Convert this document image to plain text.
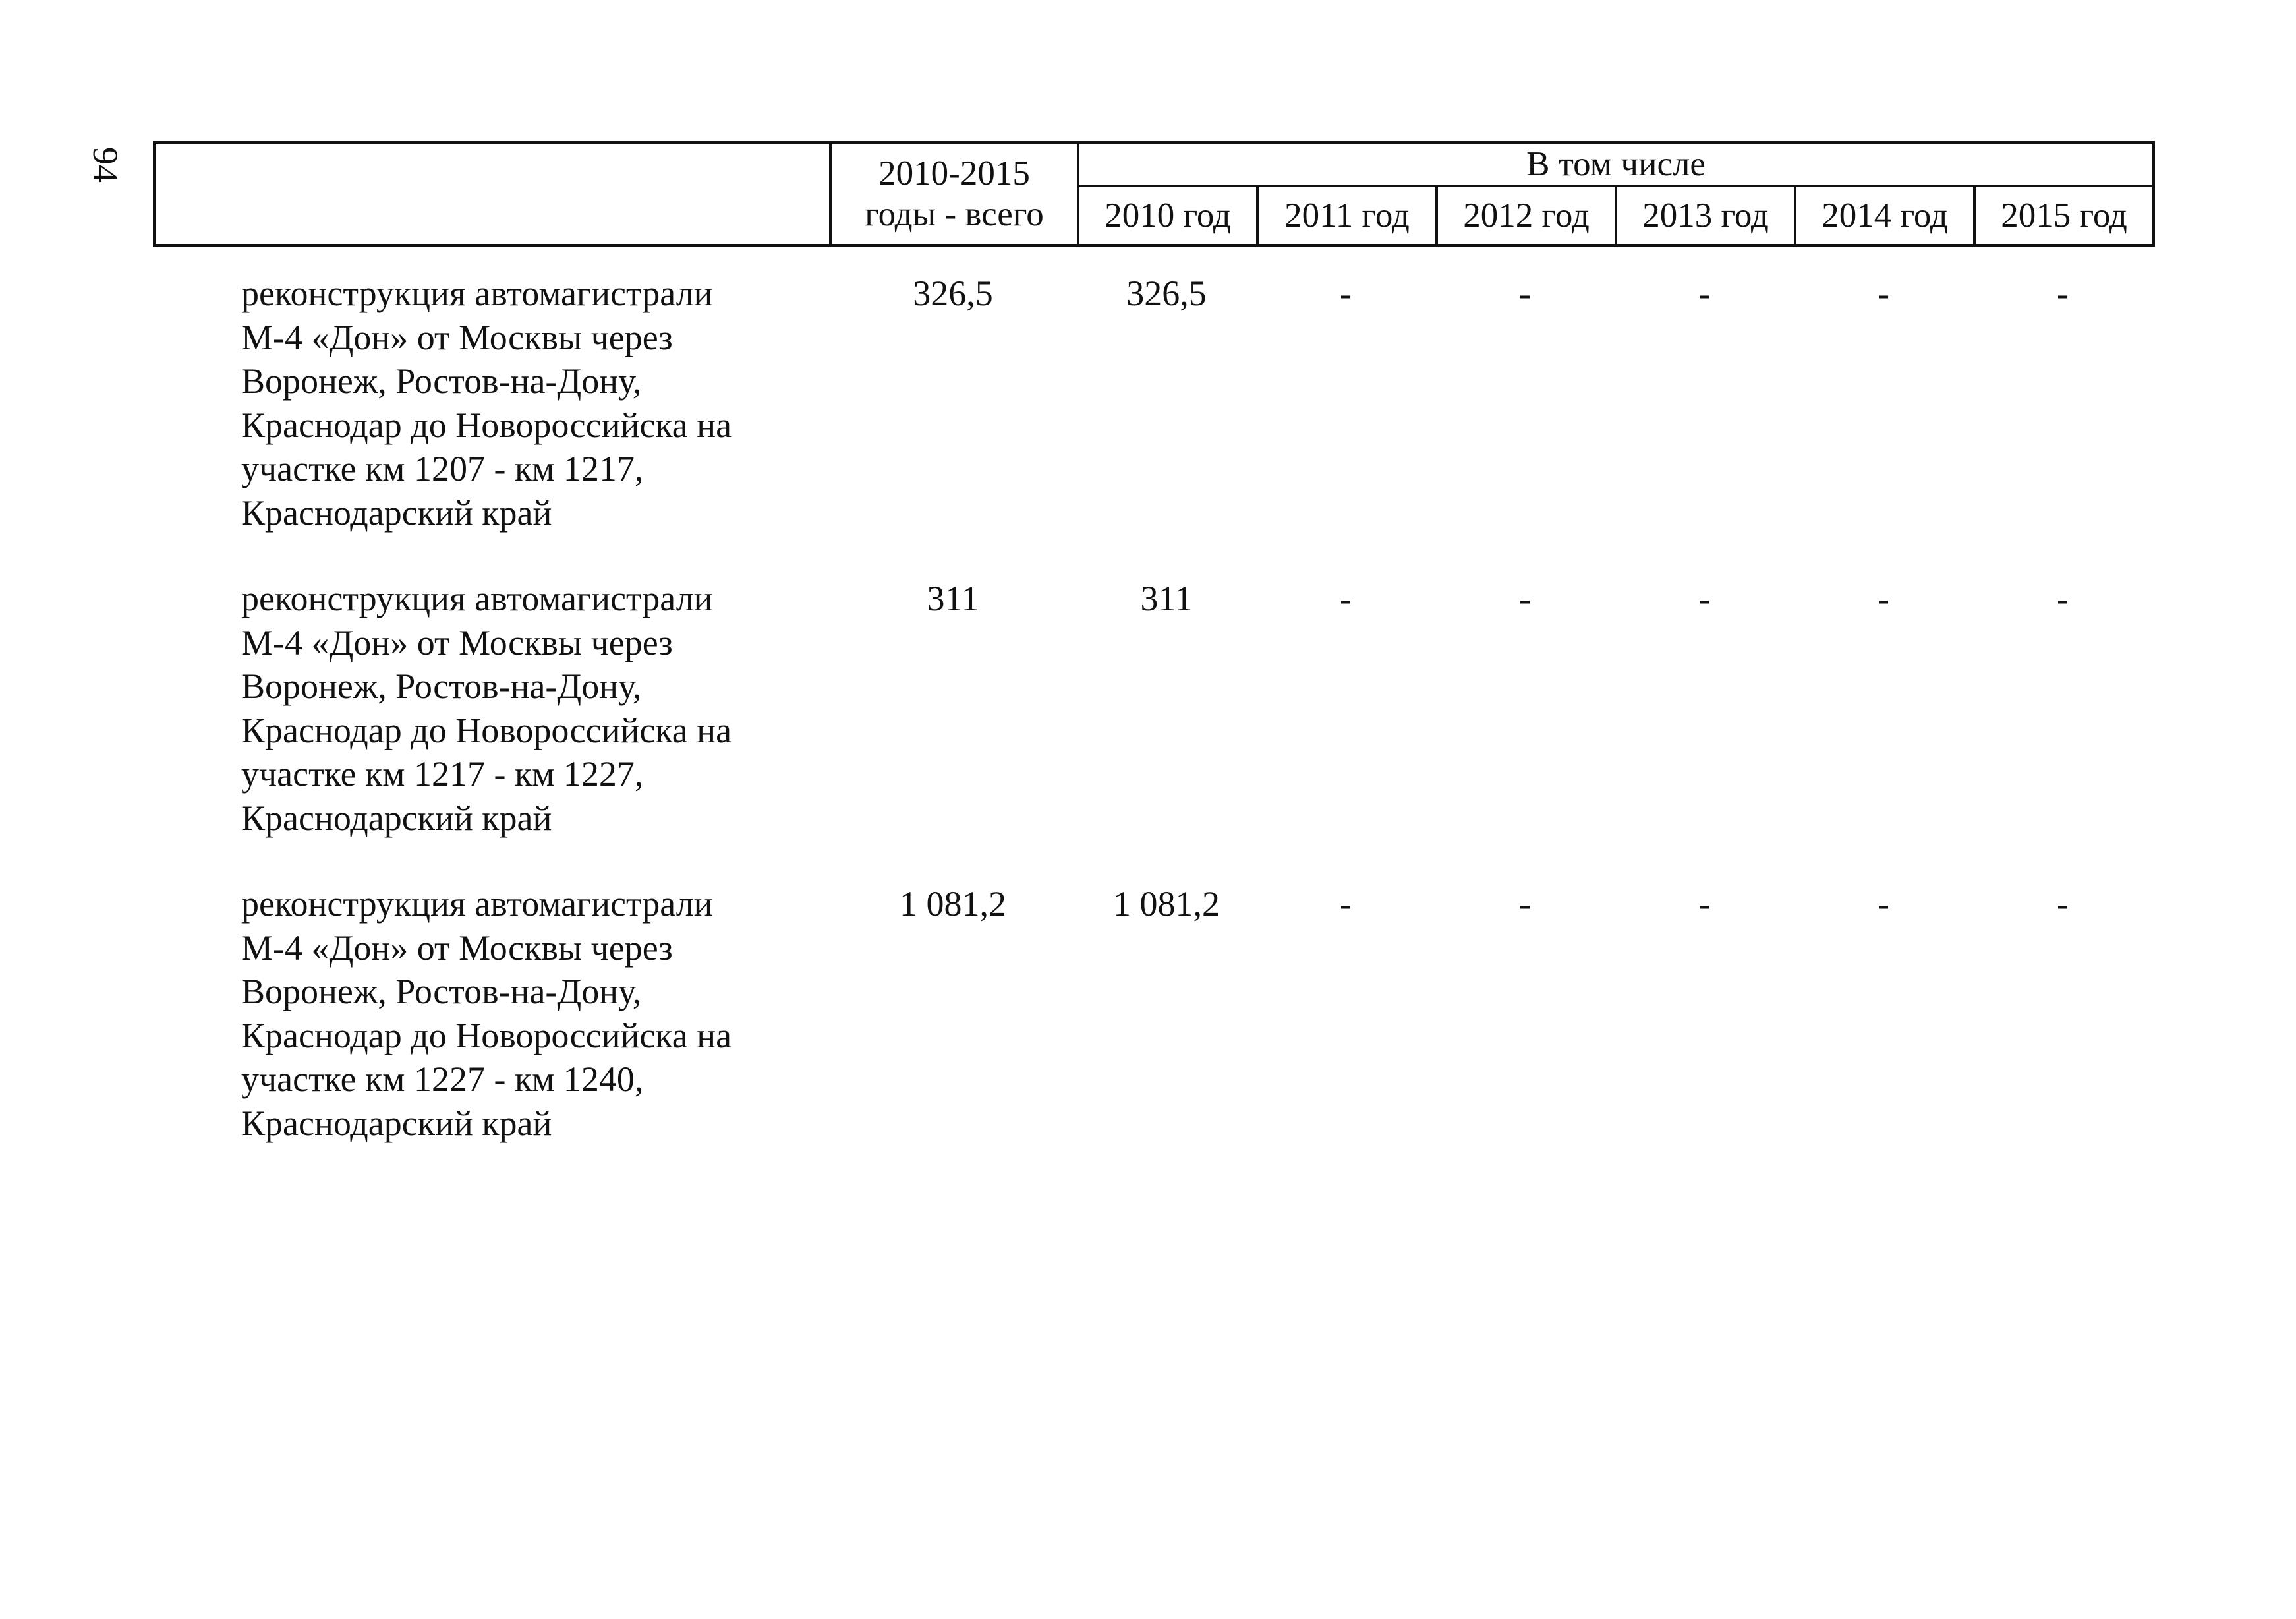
94

	2010-2015
годы - всего	В том числе					
		2010 год	2011 год	2012 год	2013 год	2014 год	2015 год
реконструкция автомагистрали
М-4 «Дон» от Москвы через
Воронеж, Ростов-на-Дону,
Краснодар до Новороссийска на
участке км 1207 - км 1217,
Краснодарский край
326,5	326,5	-	-	-	-	-
реконструкция автомагистрали
М-4 «Дон» от Москвы через
Воронеж, Ростов-на-Дону,
Краснодар до Новороссийска на
участке км 1217 - км 1227,
Краснодарский край
311	311	-	-	-	-	-
реконструкция автомагистрали
М-4 «Дон» от Москвы через
Воронеж, Ростов-на-Дону,
Краснодар до Новороссийска на
участке км 1227 - км 1240,
Краснодарский край
1 081,2	1 081,2	-	-	-	-	-
